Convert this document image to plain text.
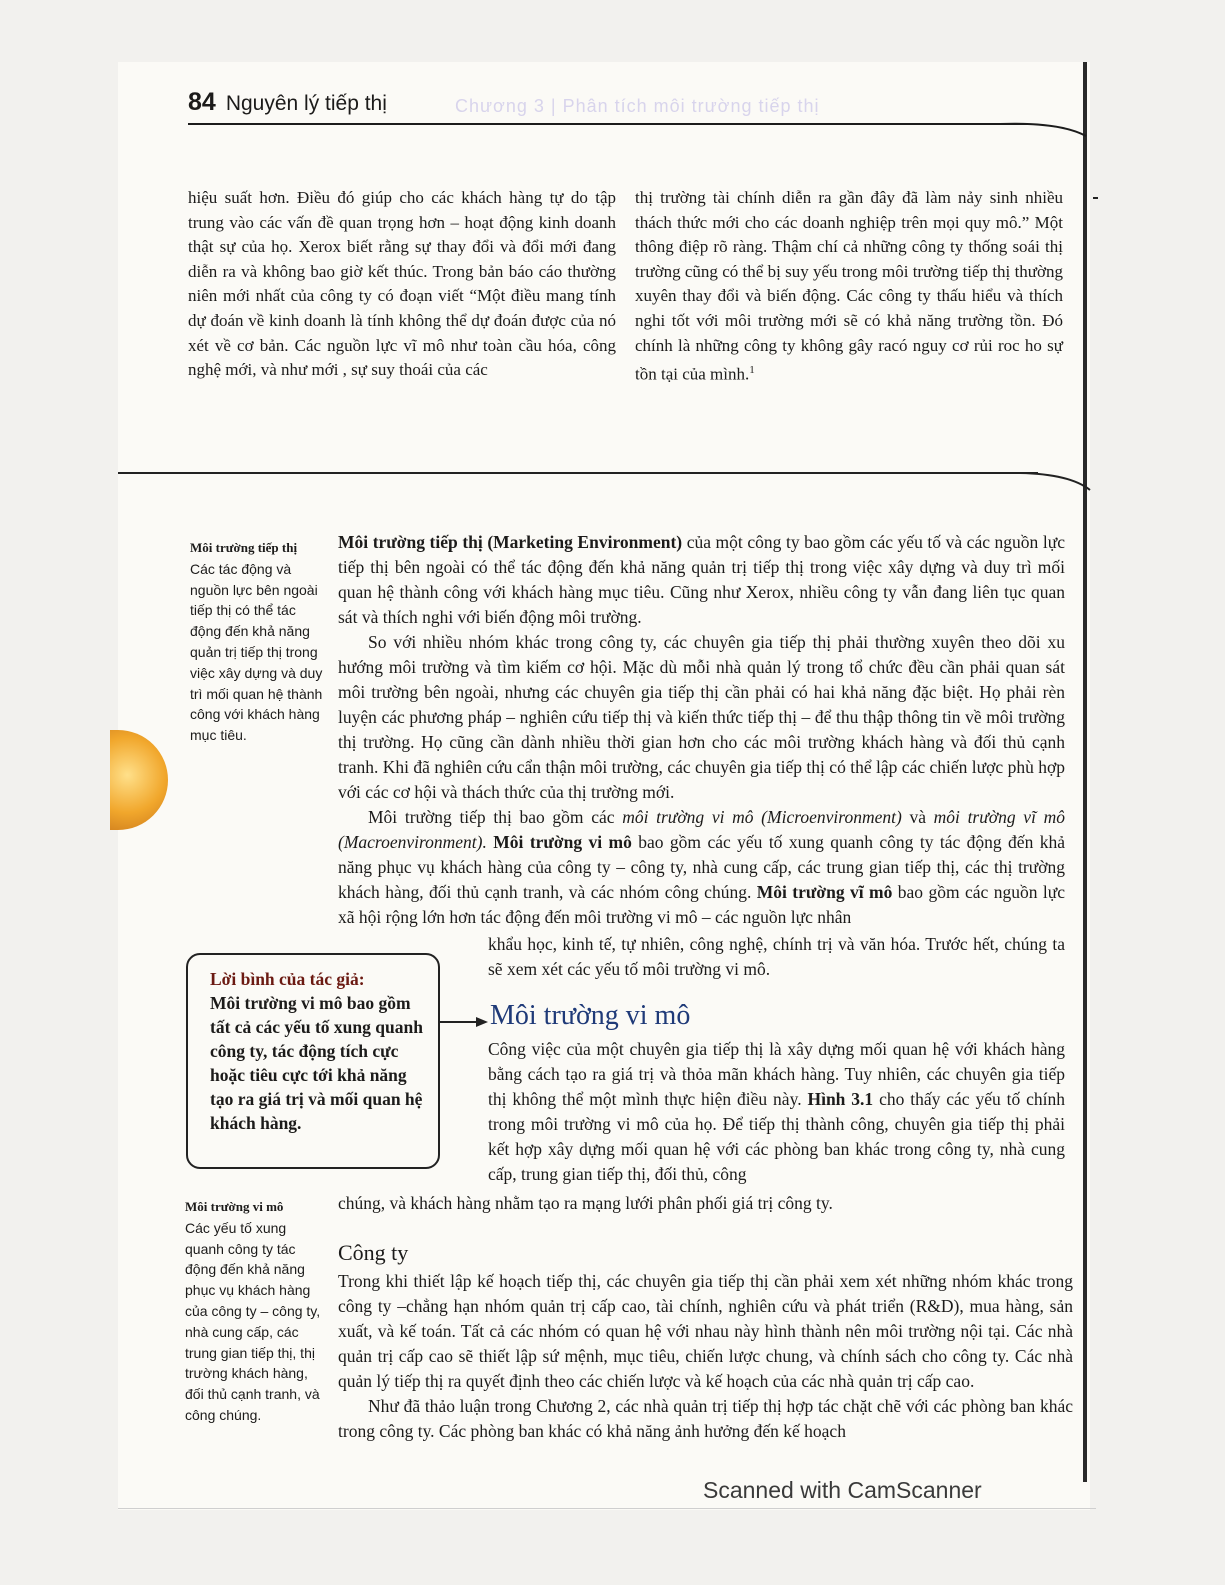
Chương 3 | Phân tích môi trường tiếp thị
84 Nguyên lý tiếp thị

hiệu suất hơn. Điều đó giúp cho các khách hàng tự do tập trung vào các vấn đề quan trọng hơn – hoạt động kinh doanh thật sự của họ. Xerox biết rằng sự thay đổi và đổi mới đang diễn ra và không bao giờ kết thúc. Trong bản báo cáo thường niên mới nhất của công ty có đoạn viết “Một điều mang tính dự đoán về kinh doanh là tính không thể dự đoán được của nó xét về cơ bản. Các nguồn lực vĩ mô như toàn cầu hóa, công nghệ mới, và như mới , sự suy thoái của các

thị trường tài chính diễn ra gần đây đã làm nảy sinh nhiều thách thức mới cho các doanh nghiệp trên mọi quy mô.” Một thông điệp rõ ràng. Thậm chí cả những công ty thống soái thị trường cũng có thể bị suy yếu trong môi trường tiếp thị thường xuyên thay đổi và biến động. Các công ty thấu hiểu và thích nghi tốt với môi trường mới sẽ có khả năng trường tồn. Đó chính là những công ty không gây racó nguy cơ rủi roc ho sự tồn tại của mình.$^1$

Môi trường tiếp thị
Các tác động và nguồn lực bên ngoài tiếp thị có thể tác động đến khả năng quản trị tiếp thị trong việc xây dựng và duy trì mối quan hệ thành công với khách hàng mục tiêu.
Môi trường vi mô
Các yếu tố xung quanh công ty tác động đến khả năng phục vụ khách hàng của công ty – công ty, nhà cung cấp, các trung gian tiếp thị, thị trường khách hàng, đối thủ cạnh tranh, và công chúng.

Môi trường tiếp thị (Marketing Environment) của một công ty bao gồm các yếu tố và các nguồn lực tiếp thị bên ngoài có thể tác động đến khả năng quản trị tiếp thị trong việc xây dựng và duy trì mối quan hệ thành công với khách hàng mục tiêu. Cũng như Xerox, nhiều công ty vẫn đang liên tục quan sát và thích nghi với biến động môi trường.

So với nhiều nhóm khác trong công ty, các chuyên gia tiếp thị phải thường xuyên theo dõi xu hướng môi trường và tìm kiếm cơ hội. Mặc dù mỗi nhà quản lý trong tổ chức đều cần phải quan sát môi trường bên ngoài, nhưng các chuyên gia tiếp thị cần phải có hai khả năng đặc biệt. Họ phải rèn luyện các phương pháp – nghiên cứu tiếp thị và kiến thức tiếp thị – để thu thập thông tin về môi trường thị trường. Họ cũng cần dành nhiều thời gian hơn cho các môi trường khách hàng và đối thủ cạnh tranh. Khi đã nghiên cứu cẩn thận môi trường, các chuyên gia tiếp thị có thể lập các chiến lược phù hợp với các cơ hội và thách thức của thị trường mới.

Môi trường tiếp thị bao gồm các môi trường vi mô (Microenvironment) và môi trường vĩ mô (Macroenvironment). Môi trường vi mô bao gồm các yếu tố xung quanh công ty tác động đến khả năng phục vụ khách hàng của công ty – công ty, nhà cung cấp, các trung gian tiếp thị, các thị trường khách hàng, đối thủ cạnh tranh, và các nhóm công chúng. Môi trường vĩ mô bao gồm các nguồn lực xã hội rộng lớn hơn tác động đến môi trường vi mô – các nguồn lực nhân

khẩu học, kinh tế, tự nhiên, công nghệ, chính trị và văn hóa. Trước hết, chúng ta sẽ xem xét các yếu tố môi trường vi mô.

Môi trường vi mô

Công việc của một chuyên gia tiếp thị là xây dựng mối quan hệ với khách hàng bằng cách tạo ra giá trị và thỏa mãn khách hàng. Tuy nhiên, các chuyên gia tiếp thị không thể một mình thực hiện điều này. Hình 3.1 cho thấy các yếu tố chính trong môi trường vi mô của họ. Để tiếp thị thành công, chuyên gia tiếp thị phải kết hợp xây dựng mối quan hệ với các phòng ban khác trong công ty, nhà cung cấp, trung gian tiếp thị, đối thủ, công

chúng, và khách hàng nhằm tạo ra mạng lưới phân phối giá trị công ty.

Công ty

Trong khi thiết lập kế hoạch tiếp thị, các chuyên gia tiếp thị cần phải xem xét những nhóm khác trong công ty –chẳng hạn nhóm quản trị cấp cao, tài chính, nghiên cứu và phát triển (R&D), mua hàng, sản xuất, và kế toán. Tất cả các nhóm có quan hệ với nhau này hình thành nên môi trường nội tại. Các nhà quản trị cấp cao sẽ thiết lập sứ mệnh, mục tiêu, chiến lược chung, và chính sách cho công ty. Các nhà quản lý tiếp thị ra quyết định theo các chiến lược và kế hoạch của các nhà quản trị cấp cao.

Như đã thảo luận trong Chương 2, các nhà quản trị tiếp thị hợp tác chặt chẽ với các phòng ban khác trong công ty. Các phòng ban khác có khả năng ảnh hưởng đến kế hoạch

Lời bình của tác giả:
Môi trường vi mô bao gồm tất cả các yếu tố xung quanh công ty, tác động tích cực hoặc tiêu cực tới khả năng tạo ra giá trị và mối quan hệ khách hàng.
Scanned with CamScanner
